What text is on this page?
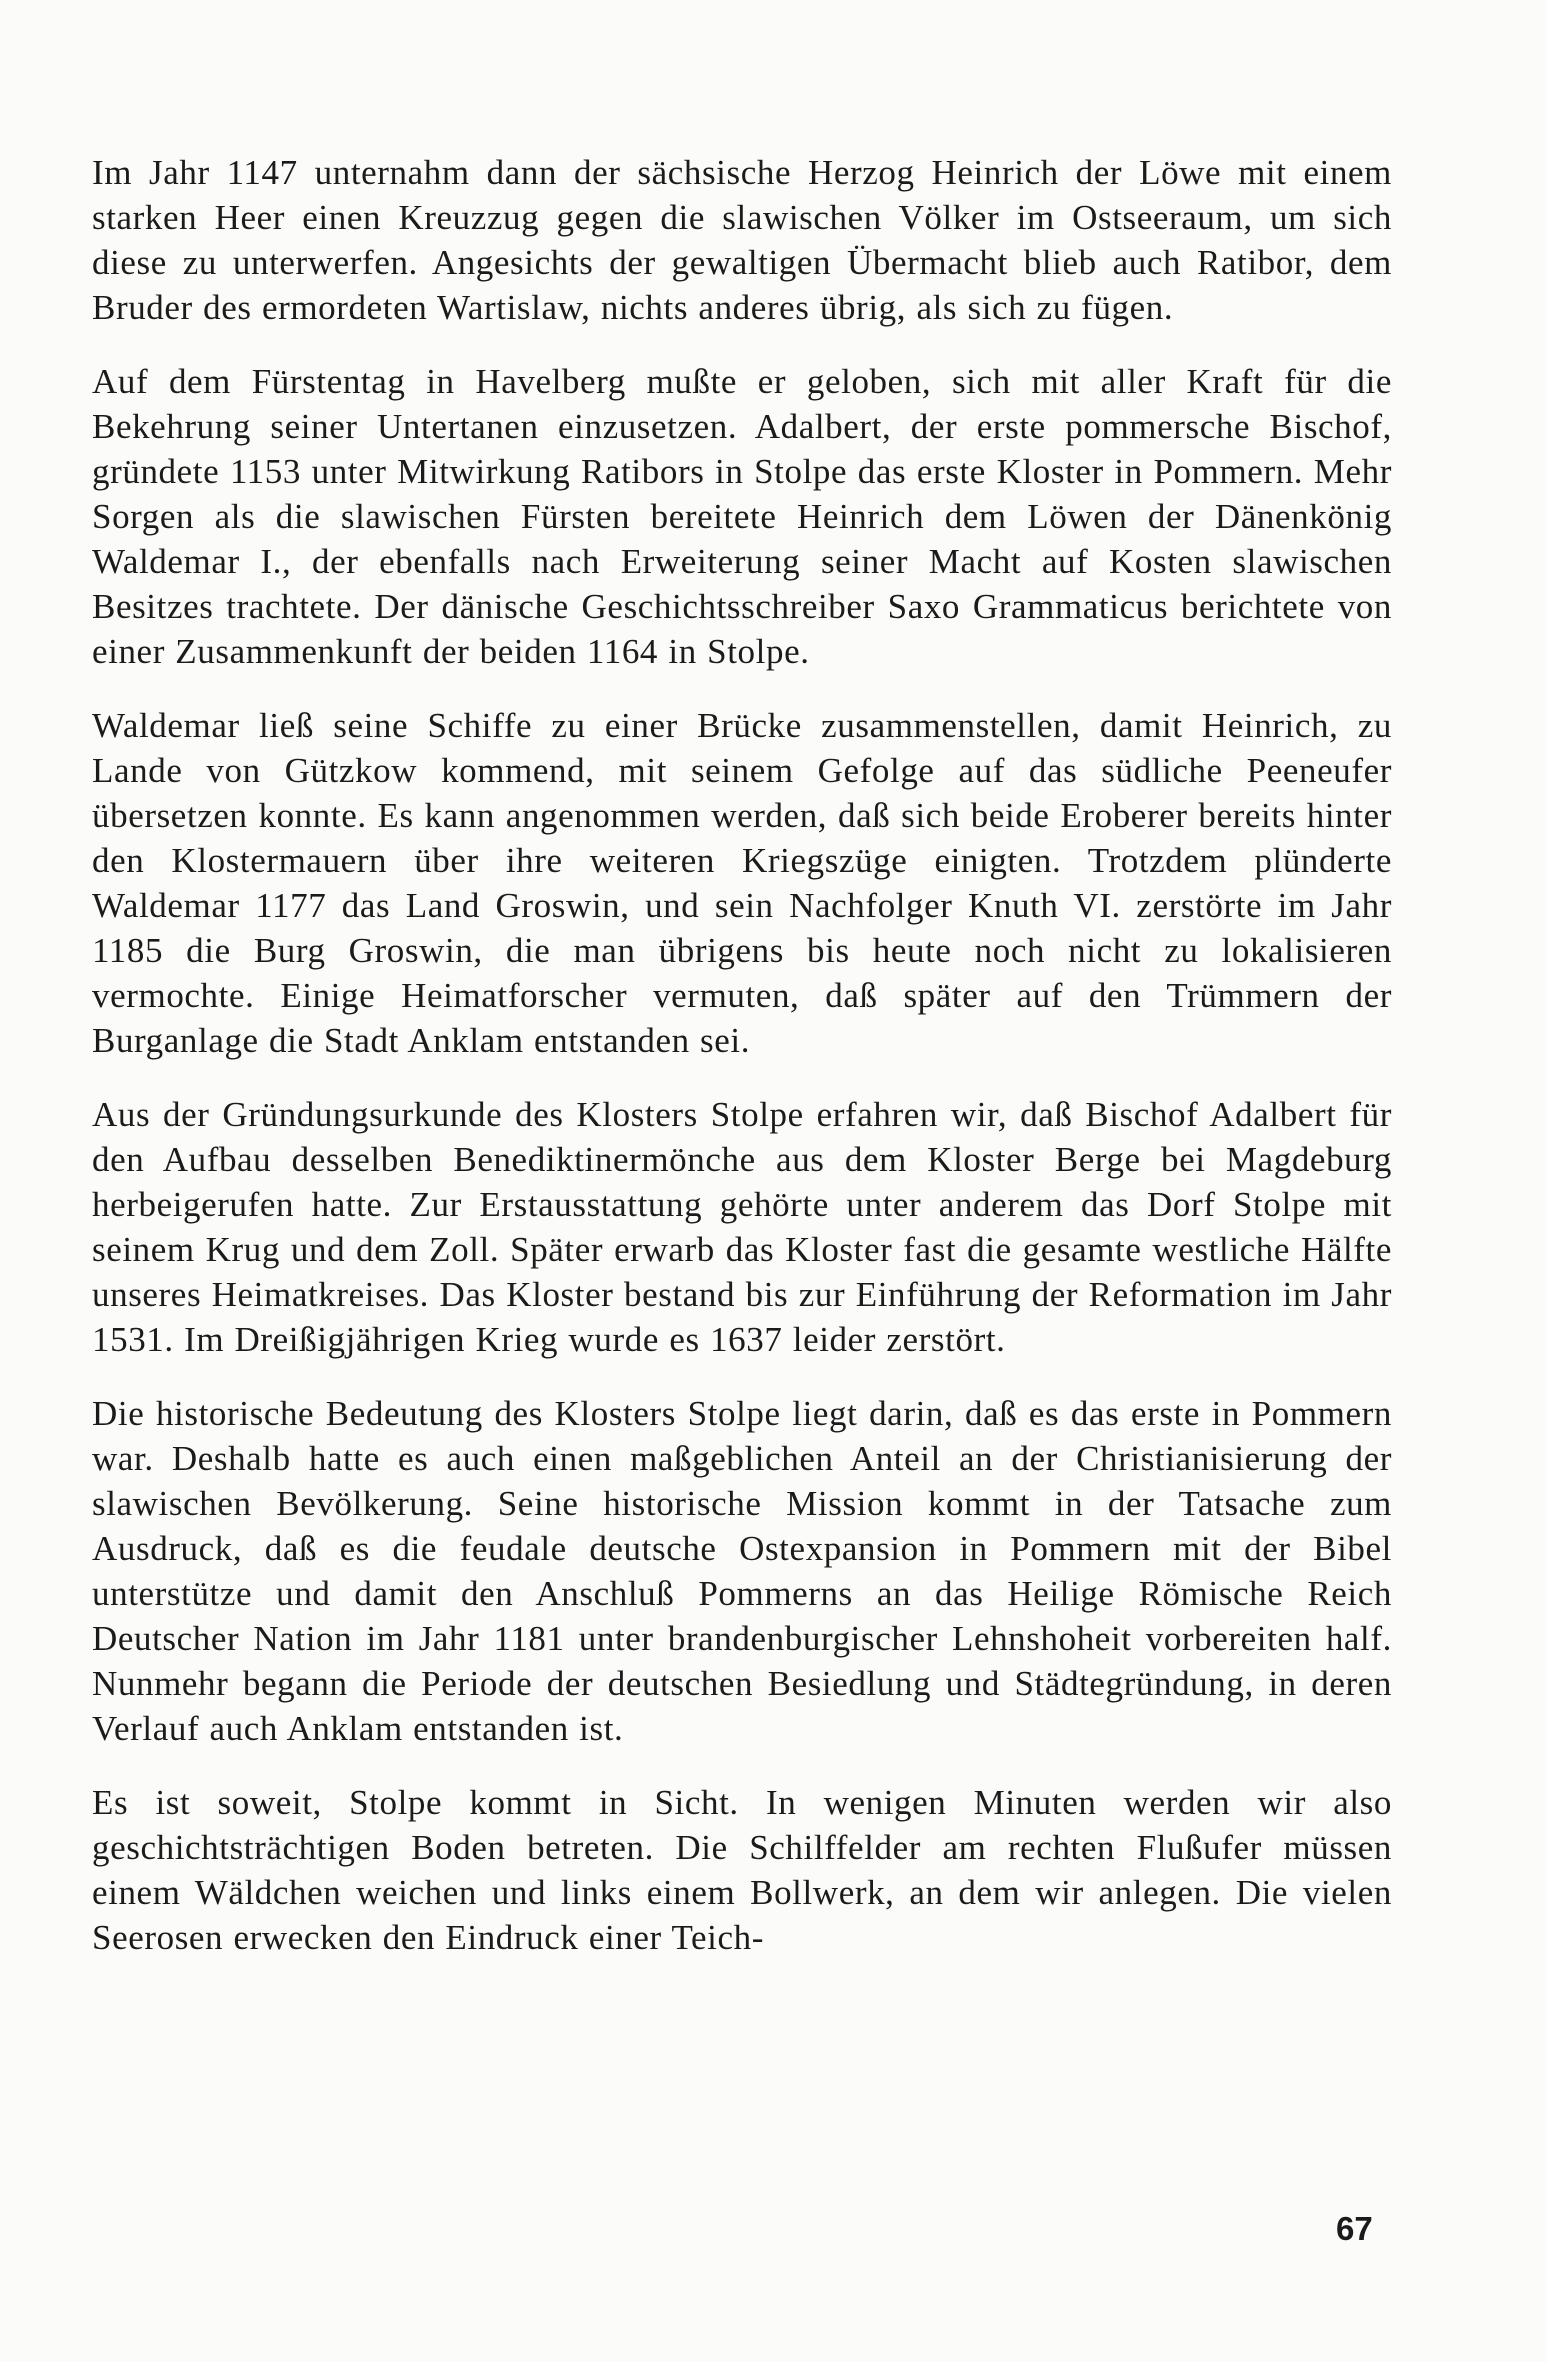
Im Jahr 1147 unternahm dann der sächsische Herzog Heinrich der Löwe mit einem starken Heer einen Kreuzzug gegen die slawischen Völker im Ostseeraum, um sich diese zu unterwerfen. Angesichts der gewaltigen Übermacht blieb auch Ratibor, dem Bruder des ermordeten Wartislaw, nichts anderes übrig, als sich zu fügen.

Auf dem Fürstentag in Havelberg mußte er geloben, sich mit aller Kraft für die Bekehrung seiner Untertanen einzusetzen. Adalbert, der erste pommersche Bischof, gründete 1153 unter Mitwirkung Ratibors in Stolpe das erste Kloster in Pommern. Mehr Sorgen als die slawischen Fürsten bereitete Heinrich dem Löwen der Dänenkönig Waldemar I., der ebenfalls nach Erweiterung seiner Macht auf Kosten slawischen Besitzes trachtete. Der dänische Geschichtsschreiber Saxo Grammaticus berichtete von einer Zusammenkunft der beiden 1164 in Stolpe.

Waldemar ließ seine Schiffe zu einer Brücke zusammenstellen, damit Heinrich, zu Lande von Gützkow kommend, mit seinem Gefolge auf das südliche Peeneufer übersetzen konnte. Es kann angenommen werden, daß sich beide Eroberer bereits hinter den Klostermauern über ihre weiteren Kriegszüge einigten. Trotzdem plünderte Waldemar 1177 das Land Groswin, und sein Nachfolger Knuth VI. zerstörte im Jahr 1185 die Burg Groswin, die man übrigens bis heute noch nicht zu lokalisieren vermochte. Einige Heimatforscher vermuten, daß später auf den Trümmern der Burganlage die Stadt Anklam entstanden sei.

Aus der Gründungsurkunde des Klosters Stolpe erfahren wir, daß Bischof Adalbert für den Aufbau desselben Benediktinermönche aus dem Kloster Berge bei Magdeburg herbeigerufen hatte. Zur Erstausstattung gehörte unter anderem das Dorf Stolpe mit seinem Krug und dem Zoll. Später erwarb das Kloster fast die gesamte westliche Hälfte unseres Heimatkreises. Das Kloster bestand bis zur Einführung der Reformation im Jahr 1531. Im Dreißigjährigen Krieg wurde es 1637 leider zerstört.

Die historische Bedeutung des Klosters Stolpe liegt darin, daß es das erste in Pommern war. Deshalb hatte es auch einen maßgeblichen Anteil an der Christianisierung der slawischen Bevölkerung. Seine historische Mission kommt in der Tatsache zum Ausdruck, daß es die feudale deutsche Ostexpansion in Pommern mit der Bibel unterstütze und damit den Anschluß Pommerns an das Heilige Römische Reich Deutscher Nation im Jahr 1181 unter brandenburgischer Lehnshoheit vorbereiten half. Nunmehr begann die Periode der deutschen Besiedlung und Städtegründung, in deren Verlauf auch Anklam entstanden ist.

Es ist soweit, Stolpe kommt in Sicht. In wenigen Minuten werden wir also geschichtsträchtigen Boden betreten. Die Schilffelder am rechten Flußufer müssen einem Wäldchen weichen und links einem Bollwerk, an dem wir anlegen. Die vielen Seerosen erwecken den Eindruck einer Teich-

67
